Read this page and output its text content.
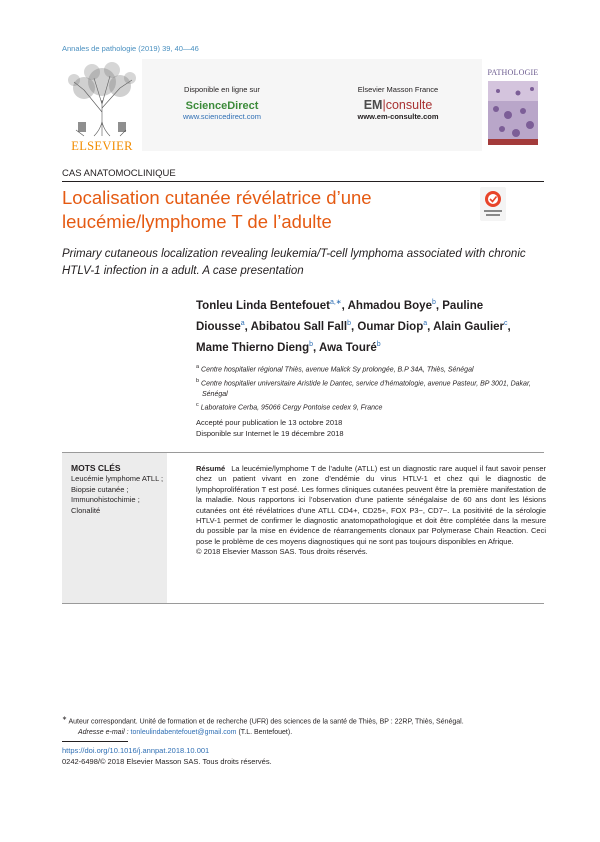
Annales de pathologie (2019) 39, 40—46
ELSEVIER
Disponible en ligne sur
ScienceDirect
www.sciencedirect.com
Elsevier Masson France
EM|consulte
www.em-consulte.com
PATHOLOGIE
CAS ANATOMOCLINIQUE
Localisation cutanée révélatrice d’une leucémie/lymphome T de l’adulte
Primary cutaneous localization revealing leukemia/T-cell lymphoma associated with chronic HTLV-1 infection in a adult. A case presentation
Tonleu Linda Bentefouet$^{a,∗}$, Ahmadou Boye$^b$, Pauline Diousse$^a$, Abibatou Sall Fall$^b$, Oumar Diop$^a$, Alain Gaulier$^c$, Mame Thierno Dieng$^b$, Awa Touré$^b$
$^a$ Centre hospitalier régional Thiès, avenue Malick Sy prolongée, B.P 34A, Thiès, Sénégal
$^b$ Centre hospitalier universitaire Aristide le Dantec, service d’hématologie, avenue Pasteur, BP 3001, Dakar, Sénégal
$^c$ Laboratoire Cerba, 95066 Cergy Pontoise cedex 9, France
Accepté pour publication le 13 octobre 2018
Disponible sur Internet le 19 décembre 2018
MOTS CLÉS
Leucémie lymphome ATLL ;
Biopsie cutanée ;
Immunohistochimie ;
Clonalité
Résumé La leucémie/lymphome T de l’adulte (ATLL) est un diagnostic rare auquel il faut savoir penser chez un patient vivant en zone d’endémie du virus HTLV-1 et chez qui le diagnostic de lymphoprolifération T est posé. Les formes cliniques cutanées peuvent être la première manifestation de la maladie. Nous rapportons ici l’observation d’une patiente sénégalaise de 60 ans dont les lésions cutanées ont été révélatrices d’une ATLL CD4+, CD25+, FOX P3−, CD7−. La positivité de la sérologie HTLV-1 permet de confirmer le diagnostic anatomopathologique et doit être complétée dans la mesure du possible par la mise en évidence de réarrangements clonaux par Polymerase Chain Reaction. Ceci pose le problème de ces moyens diagnostiques qui ne sont pas toujours disponibles en Afrique.
© 2018 Elsevier Masson SAS. Tous droits réservés.
∗ Auteur correspondant. Unité de formation et de recherche (UFR) des sciences de la santé de Thiès, BP : 22RP, Thiès, Sénégal.
Adresse e-mail : tonleulindabentefouet@gmail.com (T.L. Bentefouet).
https://doi.org/10.1016/j.annpat.2018.10.001
0242-6498/© 2018 Elsevier Masson SAS. Tous droits réservés.
